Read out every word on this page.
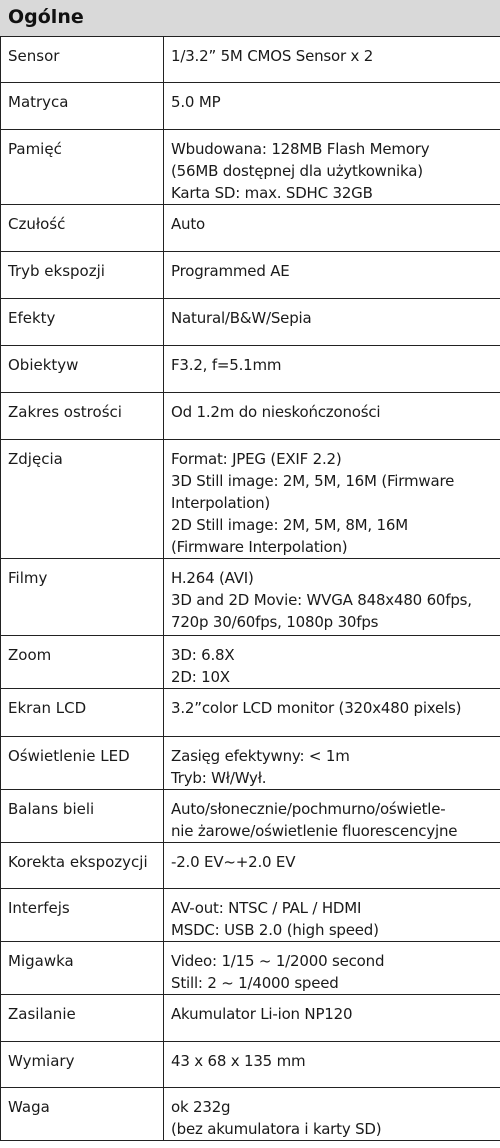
Ogólne
Sensor	1/3.2” 5M CMOS Sensor x 2

Matryca	5.0 MP

Pamięć	Wbudowana: 128MB Flash Memory
(56MB dostępnej dla użytkownika)
Karta SD: max. SDHC 32GB

Czułość	Auto

Tryb ekspozji	Programmed AE

Efekty	Natural/B&W/Sepia

Obiektyw	F3.2, f=5.1mm

Zakres ostrości	Od 1.2m do nieskończoności

Zdjęcia	Format: JPEG (EXIF 2.2)
3D Still image: 2M, 5M, 16M (Firmware
Interpolation)
2D Still image: 2M, 5M, 8M, 16M
(Firmware Interpolation)

Filmy	H.264 (AVI)
3D and 2D Movie: WVGA 848x480 60fps,
720p 30/60fps, 1080p 30fps

Zoom	3D: 6.8X
2D: 10X

Ekran LCD	3.2”color LCD monitor (320x480 pixels)

Oświetlenie LED	Zasięg efektywny: < 1m
Tryb: Wł/Wył.

Balans bieli	Auto/słonecznie/pochmurno/oświetle-
nie żarowe/oświetlenie fluorescencyjne

Korekta ekspozycji	-2.0 EV~+2.0 EV

Interfejs	AV-out: NTSC / PAL / HDMI
MSDC: USB 2.0 (high speed)

Migawka	Video: 1/15 ~ 1/2000 second
Still: 2 ~ 1/4000 speed

Zasilanie	Akumulator Li-ion NP120

Wymiary	43 x 68 x 135 mm

Waga	ok 232g
(bez akumulatora i karty SD)
